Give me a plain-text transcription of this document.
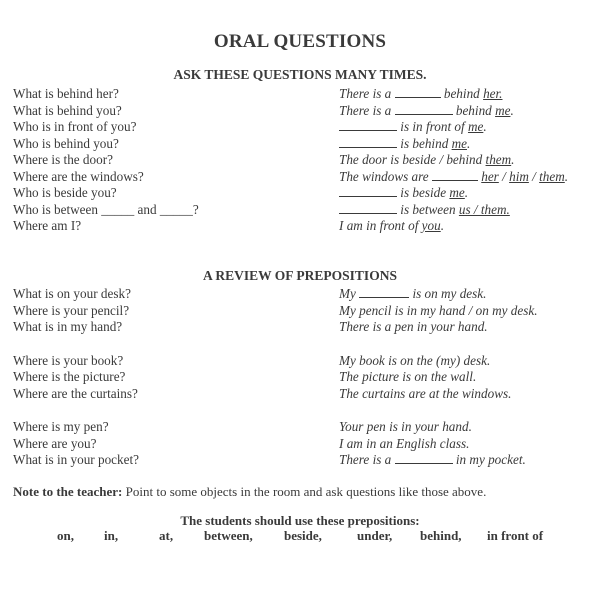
ORAL QUESTIONS
ASK THESE QUESTIONS MANY TIMES.
What is behind her?	There is a	behind her.
What is behind you?	There is a	behind me.
Who is in front of you?	is in front of me.
Who is behind you?	is behind me.
Where is the door?	The door is beside / behind them.
Where are the windows?	The windows are	her / him / them.
Who is beside you?	is beside me.
Who is between _____ and _____?	is between us / them.
Where am I?	I am in front of you.
A REVIEW OF PREPOSITIONS
What is on your desk?	My	is on my desk.
Where is your pencil?	My pencil is in my hand / on my desk.
What is in my hand?	There is a pen in your hand.
Where is your book?	My book is on the (my) desk.
Where is the picture?	The picture is on the wall.
Where are the curtains?	The curtains are at the windows.
Where is my pen?	Your pen is in your hand.
Where are you?	I am in an English class.
What is in your pocket?	There is a	in my pocket.
Note to the teacher: Point to some objects in the room and ask questions like those above.
The students should use these prepositions:
on, in,	at, between, beside,	under, behind, in front of
